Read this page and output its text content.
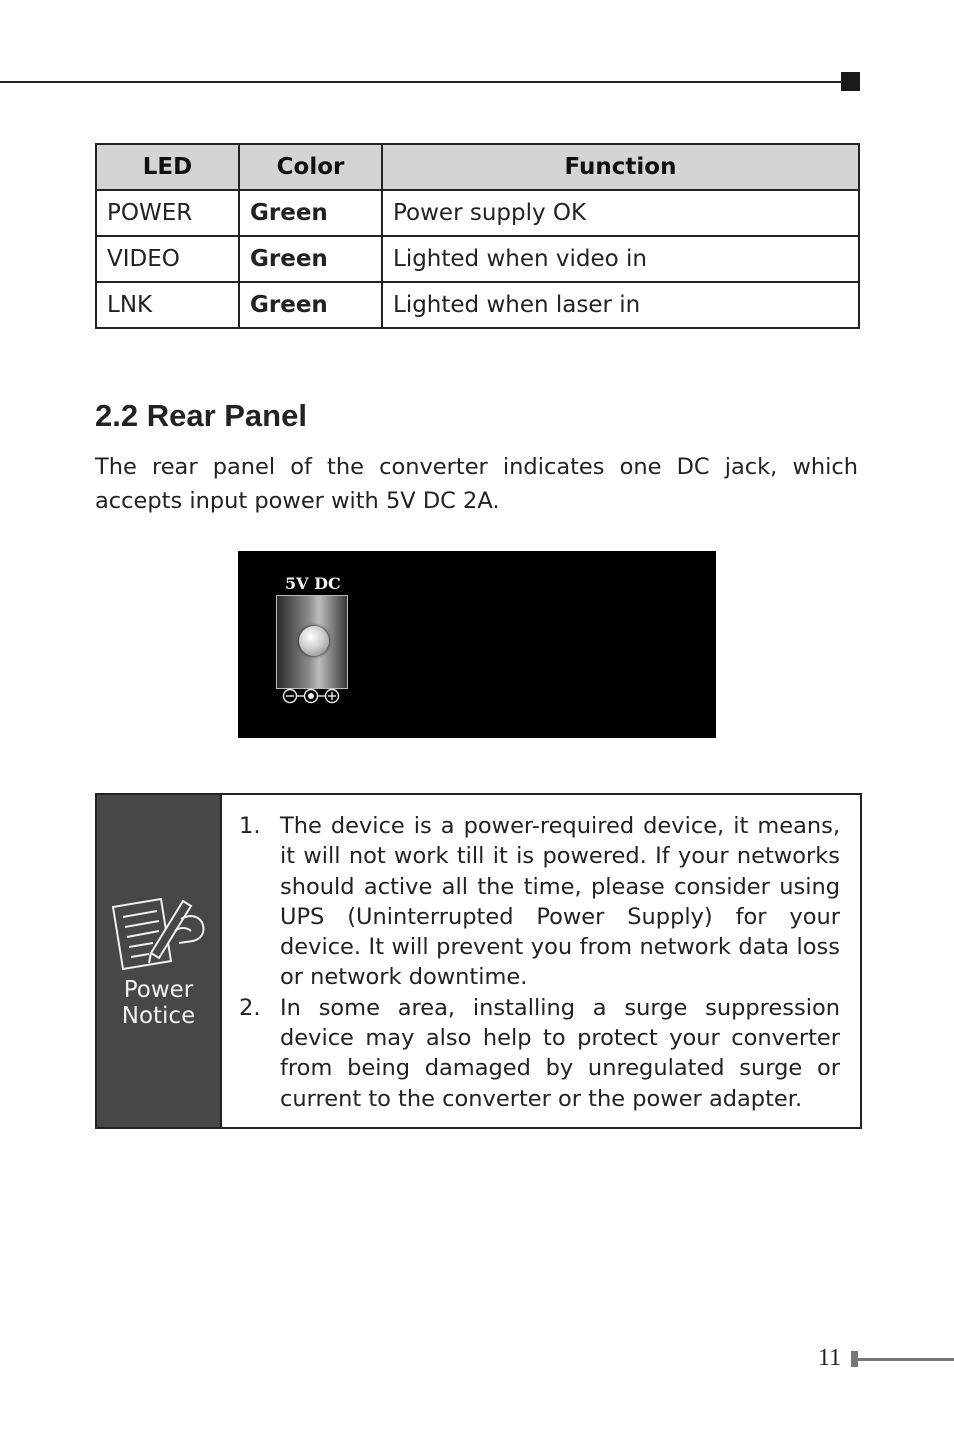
LED	Color	Function
POWER	Green	Power supply OK
VIDEO	Green	Lighted when video in
LNK	Green	Lighted when laser in
2.2 Rear Panel

The rear panel of the converter indicates one DC jack, which accepts input power with 5V DC 2A.

5V DC
Power
Notice
1. The device is a power-required device, it means, it will not work till it is powered. If your networks should active all the time, please consider using UPS (Uninterrupted Power Supply) for your device. It will prevent you from network data loss or network downtime.
2. In some area, installing a surge suppression device may also help to protect your converter from being damaged by unregulated surge or current to the converter or the power adapter.
11
